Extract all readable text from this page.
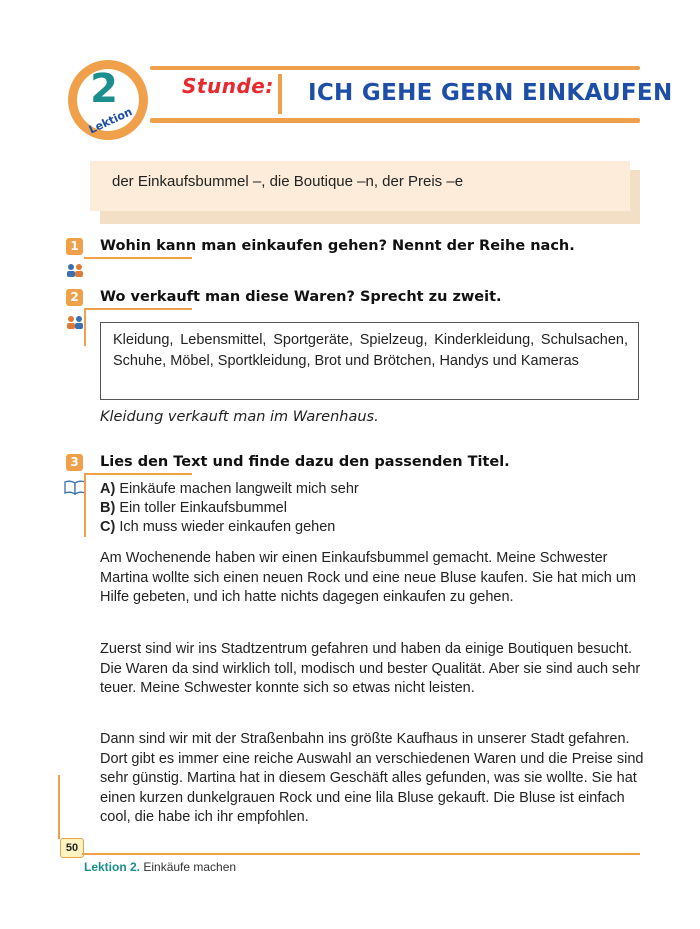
Stunde: ICH GEHE GERN EINKAUFEN
2
Lektion
der Einkaufsbummel –, die Boutique –n, der Preis –e
1 Wohin kann man einkaufen gehen? Nennt der Reihe nach.
2 Wo verkauft man diese Waren? Sprecht zu zweit.
Kleidung, Lebensmittel, Sportgeräte, Spielzeug, Kinderkleidung, Schulsachen, Schuhe, Möbel, Sportkleidung, Brot und Brötchen, Handys und Kameras
Kleidung verkauft man im Warenhaus.
3 Lies den Text und finde dazu den passenden Titel.
A) Einkäufe machen langweilt mich sehr
B) Ein toller Einkaufsbummel
C) Ich muss wieder einkaufen gehen
Am Wochenende haben wir einen Einkaufsbummel gemacht. Meine Schwester Martina wollte sich einen neuen Rock und eine neue Bluse kaufen. Sie hat mich um Hilfe gebeten, und ich hatte nichts dagegen einkaufen zu gehen.
Zuerst sind wir ins Stadtzentrum gefahren und haben da einige Boutiquen besucht. Die Waren da sind wirklich toll, modisch und bester Qualität. Aber sie sind auch sehr teuer. Meine Schwester konnte sich so etwas nicht leisten.
Dann sind wir mit der Straßenbahn ins größte Kaufhaus in unserer Stadt gefahren. Dort gibt es immer eine reiche Auswahl an verschiedenen Waren und die Preise sind sehr günstig. Martina hat in diesem Geschäft alles gefunden, was sie wollte. Sie hat einen kurzen dunkelgrauen Rock und eine lila Bluse gekauft. Die Bluse ist einfach cool, die habe ich ihr empfohlen.
50
Lektion 2. Einkäufe machen
